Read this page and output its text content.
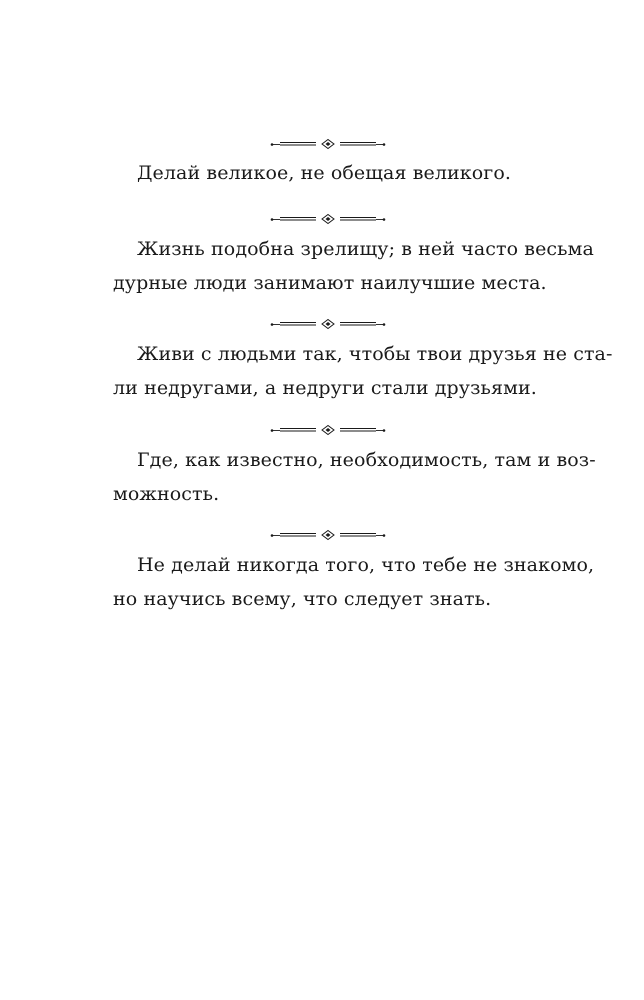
Делай великое, не обещая великого.
Жизнь подобна зрелищу; в ней часто весьма
дурные люди занимают наилучшие места.
Живи с людьми так, чтобы твои друзья не ста-
ли недругами, а недруги стали друзьями.
Где, как известно, необходимость, там и воз-
можность.
Не делай никогда того, что тебе не знакомо,
но научись всему, что следует знать.
